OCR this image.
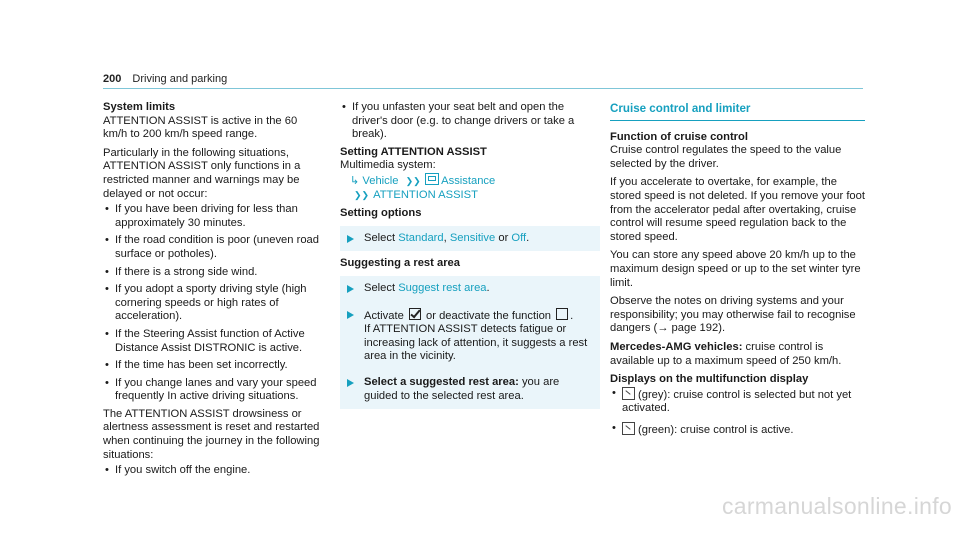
200 Driving and parking

System limits

ATTENTION ASSIST is active in the 60 km/h to 200 km/h speed range.

Particularly in the following situations, ATTENTION ASSIST only functions in a restricted manner and warnings may be delayed or not occur:

• If you have been driving for less than approximately 30 minutes.
• If the road condition is poor (uneven road surface or potholes).
• If there is a strong side wind.
• If you adopt a sporty driving style (high cornering speeds or high rates of acceleration).
• If the Steering Assist function of Active Distance Assist DISTRONIC is active.
• If the time has been set incorrectly.
• If you change lanes and vary your speed frequently In active driving situations.

The ATTENTION ASSIST drowsiness or alertness assessment is reset and restarted when continuing the journey in the following situations:

• If you switch off the engine.
• If you unfasten your seat belt and open the driver's door (e.g. to change drivers or take a break).

Setting ATTENTION ASSIST

Multimedia system:

↳ Vehicle ❯❯ Assistance
❯❯ ATTENTION ASSIST

Setting options

Select Standard, Sensitive or Off.

Suggesting a rest area

Select Suggest rest area.
Activate or deactivate the function .
If ATTENTION ASSIST detects fatigue or increasing lack of attention, it suggests a rest area in the vicinity.
Select a suggested rest area: you are guided to the selected rest area.
Cruise control and limiter

Function of cruise control

Cruise control regulates the speed to the value selected by the driver.

If you accelerate to overtake, for example, the stored speed is not deleted. If you remove your foot from the accelerator pedal after overtaking, cruise control will resume speed regulation back to the stored speed.

You can store any speed above 20 km/h up to the maximum design speed or up to the set winter tyre limit.

Observe the notes on driving systems and your responsibility; you may otherwise fail to recognise dangers (→ page 192).

Mercedes-AMG vehicles: cruise control is available up to a maximum speed of 250 km/h.

Displays on the multifunction display

• (grey): cruise control is selected but not yet activated.
• (green): cruise control is active.
carmanualsonline.info
